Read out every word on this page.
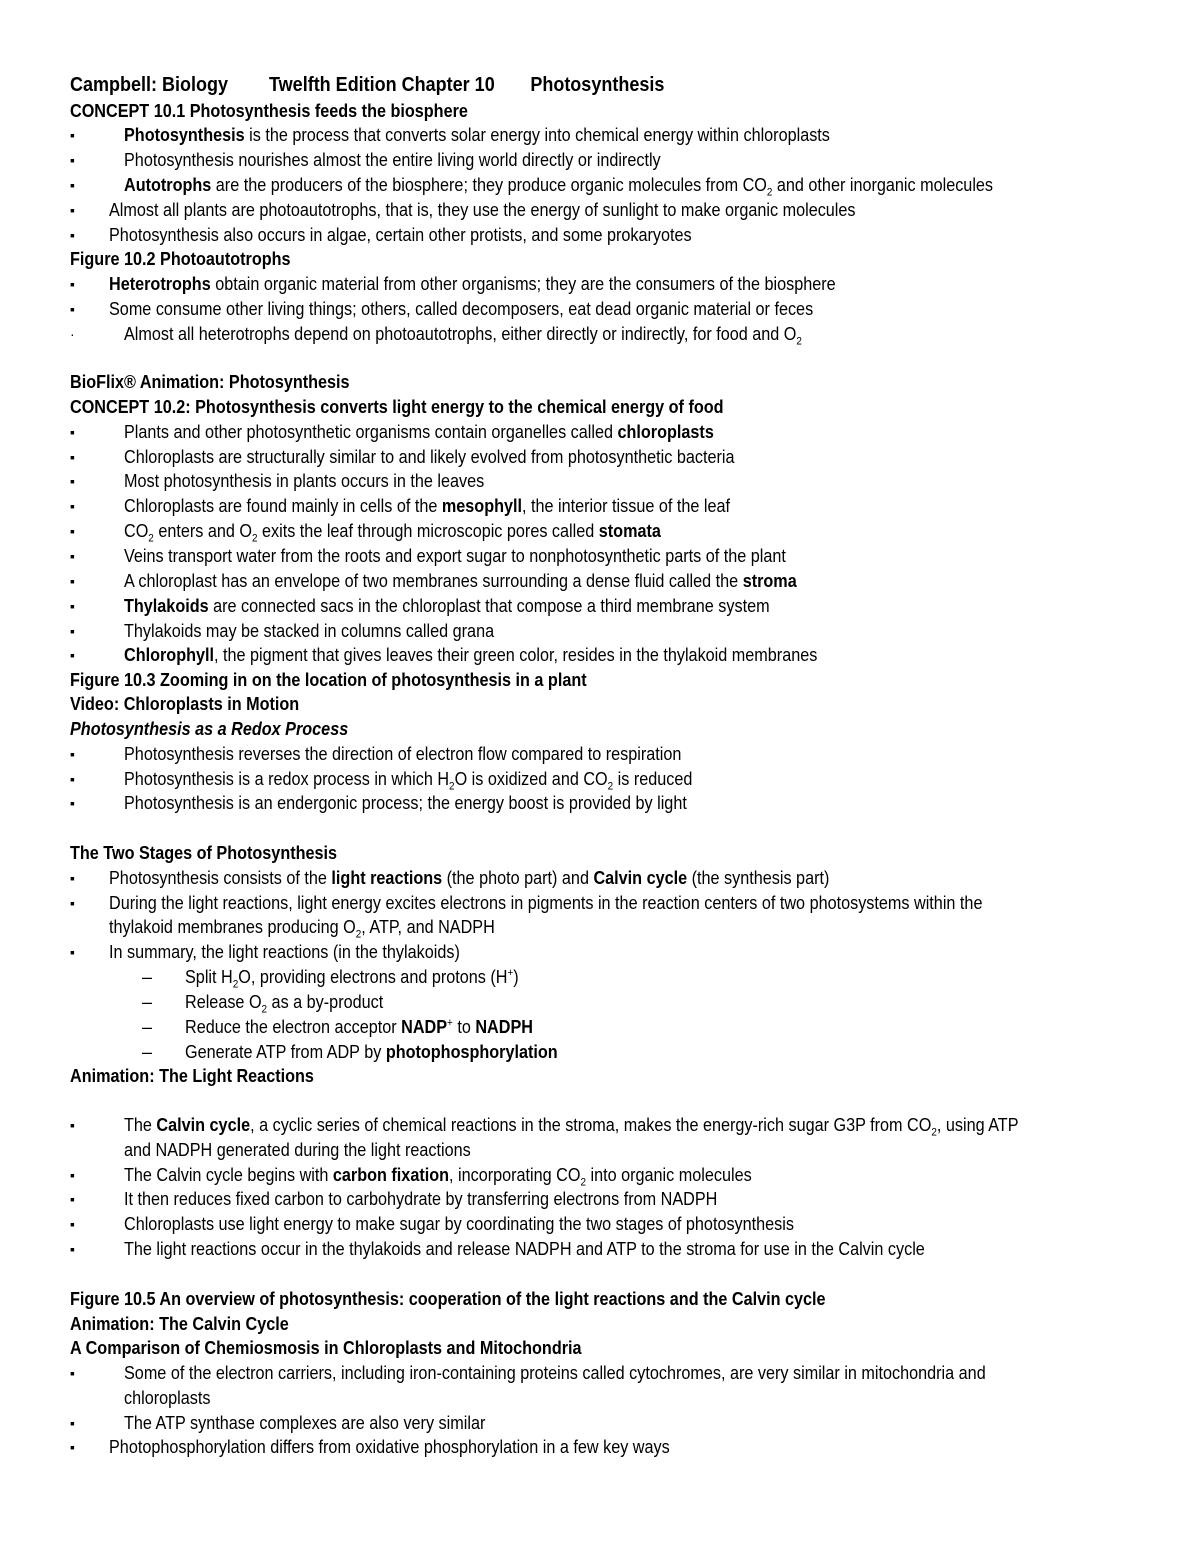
Campbell: Biology Twelfth Edition Chapter 10 Photosynthesis
CONCEPT 10.1 Photosynthesis feeds the biosphere
▪	Photosynthesis is the process that converts solar energy into chemical energy within chloroplasts
▪	Photosynthesis nourishes almost the entire living world directly or indirectly
▪	Autotrophs are the producers of the biosphere; they produce organic molecules from $CO_2$ and other inorganic molecules
▪ Almost all plants are photoautotrophs, that is, they use the energy of sunlight to make organic molecules
▪ Photosynthesis also occurs in algae, certain other protists, and some prokaryotes
Figure 10.2 Photoautotrophs
▪ Heterotrophs obtain organic material from other organisms; they are the consumers of the biosphere
▪ Some consume other living things; others, called decomposers, eat dead organic material or feces
·	Almost all heterotrophs depend on photoautotrophs, either directly or indirectly, for food and $O_2$
BioFlix® Animation: Photosynthesis
CONCEPT 10.2: Photosynthesis converts light energy to the chemical energy of food
▪	Plants and other photosynthetic organisms contain organelles called chloroplasts
▪	Chloroplasts are structurally similar to and likely evolved from photosynthetic bacteria
▪	Most photosynthesis in plants occurs in the leaves
▪	Chloroplasts are found mainly in cells of the mesophyll, the interior tissue of the leaf
▪	$CO_2$ enters and $O_2$ exits the leaf through microscopic pores called stomata
▪	Veins transport water from the roots and export sugar to nonphotosynthetic parts of the plant
▪	A chloroplast has an envelope of two membranes surrounding a dense fluid called the stroma
▪	Thylakoids are connected sacs in the chloroplast that compose a third membrane system
▪	Thylakoids may be stacked in columns called grana
▪	Chlorophyll, the pigment that gives leaves their green color, resides in the thylakoid membranes
Figure 10.3 Zooming in on the location of photosynthesis in a plant
Video: Chloroplasts in Motion
Photosynthesis as a Redox Process
▪	Photosynthesis reverses the direction of electron flow compared to respiration
▪	Photosynthesis is a redox process in which $H_2O$ is oxidized and $CO_2$ is reduced
▪	Photosynthesis is an endergonic process; the energy boost is provided by light
The Two Stages of Photosynthesis
▪ Photosynthesis consists of the light reactions (the photo part) and Calvin cycle (the synthesis part)
▪ During the light reactions, light energy excites electrons in pigments in the reaction centers of two photosystems within the
thylakoid membranes producing $O_2$, ATP, and NADPH
▪ In summary, the light reactions (in the thylakoids)
– Split $H_2O$, providing electrons and protons (H+)
– Release $O_2$ as a by-product
– Reduce the electron acceptor NADP+ to NADPH
– Generate ATP from ADP by photophosphorylation
Animation: The Light Reactions
▪	The Calvin cycle, a cyclic series of chemical reactions in the stroma, makes the energy-rich sugar G3P from $CO_2$, using ATP
and NADPH generated during the light reactions
▪	The Calvin cycle begins with carbon fixation, incorporating $CO_2$ into organic molecules
▪	It then reduces fixed carbon to carbohydrate by transferring electrons from NADPH
▪	Chloroplasts use light energy to make sugar by coordinating the two stages of photosynthesis
▪	The light reactions occur in the thylakoids and release NADPH and ATP to the stroma for use in the Calvin cycle
Figure 10.5 An overview of photosynthesis: cooperation of the light reactions and the Calvin cycle
Animation: The Calvin Cycle
A Comparison of Chemiosmosis in Chloroplasts and Mitochondria
▪	Some of the electron carriers, including iron-containing proteins called cytochromes, are very similar in mitochondria and
chloroplasts
▪	The ATP synthase complexes are also very similar
▪ Photophosphorylation differs from oxidative phosphorylation in a few key ways
